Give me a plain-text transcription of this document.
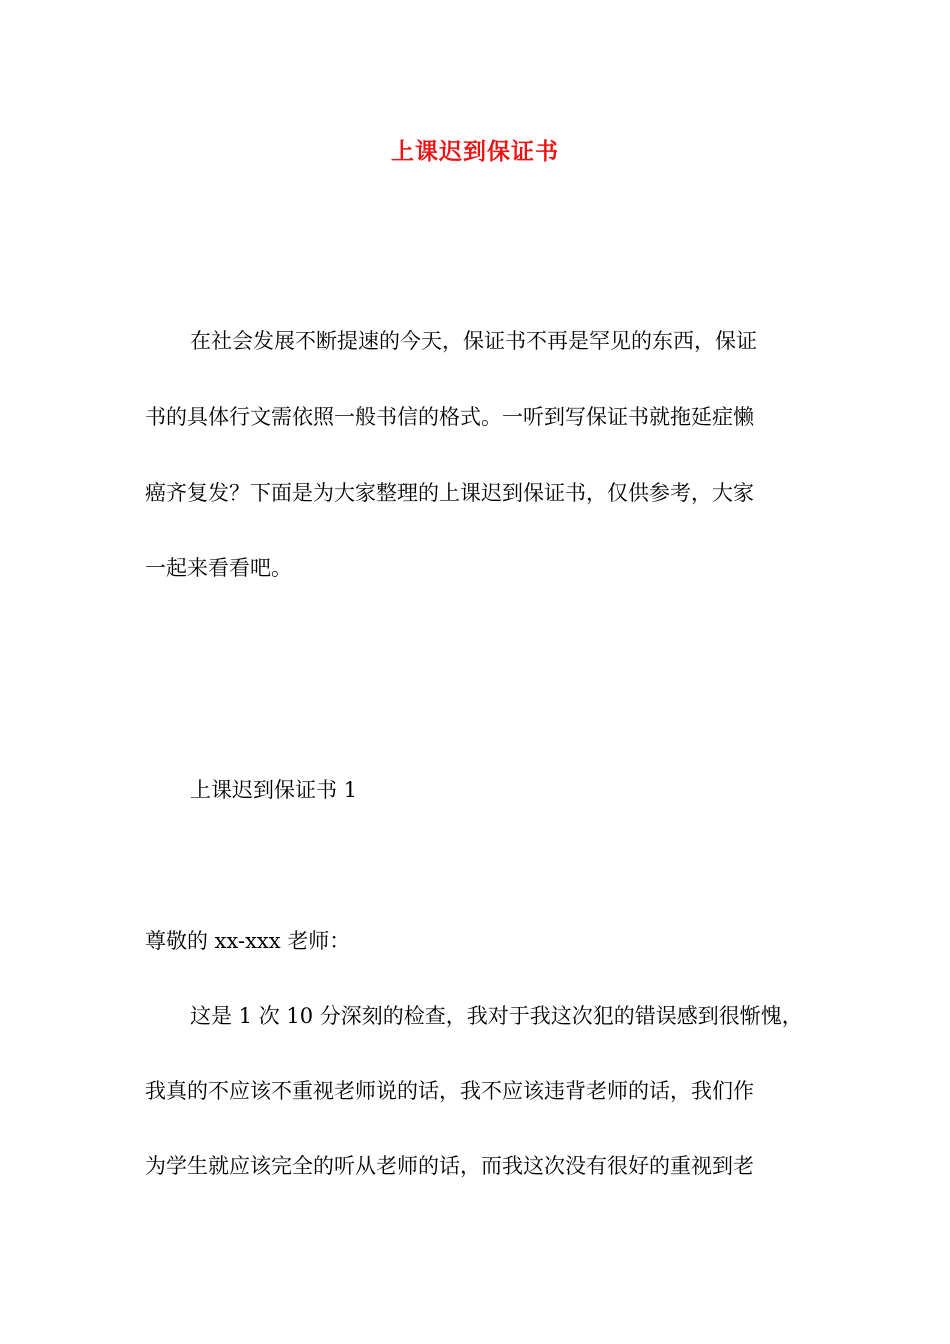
上课迟到保证书
在社会发展不断提速的今天，保证书不再是罕见的东西，保证
书的具体行文需依照一般书信的格式。一听到写保证书就拖延症懒
癌齐复发？下面是为大家整理的上课迟到保证书，仅供参考，大家
一起来看看吧。
上课迟到保证书 1
尊敬的 xx-xxx 老师：
这是 1 次 10 分深刻的检查，我对于我这次犯的错误感到很惭愧，
我真的不应该不重视老师说的话，我不应该违背老师的话，我们作
为学生就应该完全的听从老师的话，而我这次没有很好的重视到老
